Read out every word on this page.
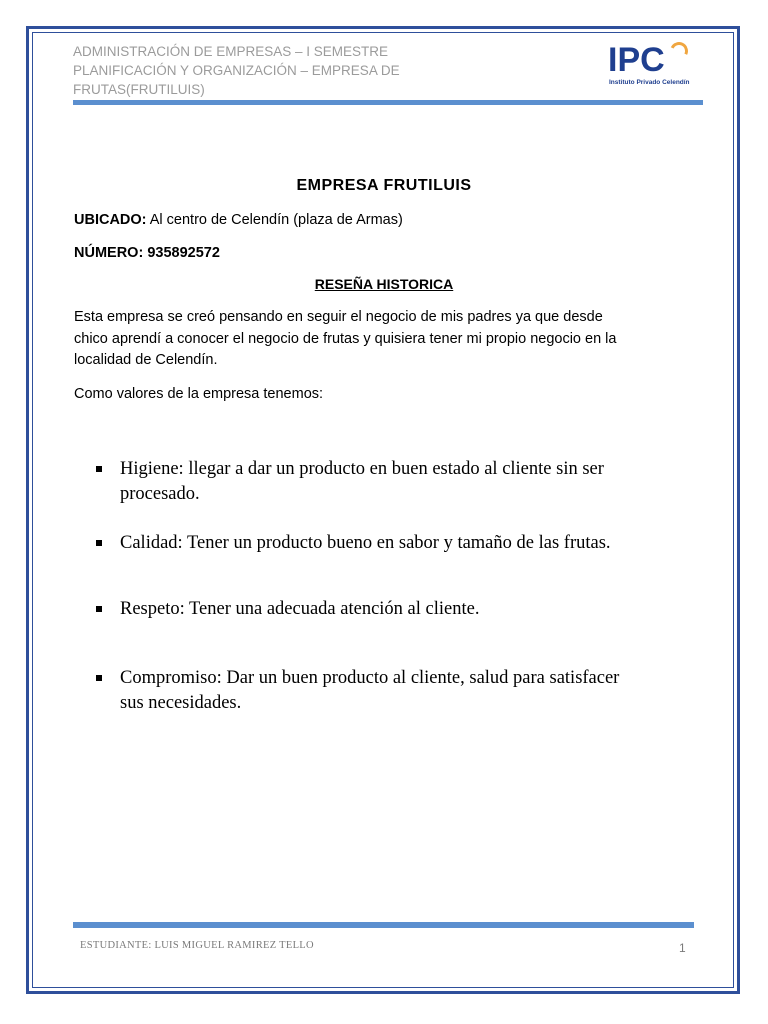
ADMINISTRACIÓN DE EMPRESAS – I SEMESTRE
PLANIFICACIÓN Y ORGANIZACIÓN – EMPRESA DE
FRUTAS(FRUTILUIS)
IPC
Instituto Privado Celendín
EMPRESA FRUTILUIS
UBICADO: Al centro de Celendín (plaza de Armas)
NÚMERO: 935892572
RESEÑA HISTORICA
Esta empresa se creó pensando en seguir el negocio de mis padres ya que desde
chico aprendí a conocer el negocio de frutas y quisiera tener mi propio negocio en la
localidad de Celendín.
Como valores de la empresa tenemos:
Higiene: llegar a dar un producto en buen estado al cliente sin ser
procesado.
Calidad: Tener un producto bueno en sabor y tamaño de las frutas.
Respeto: Tener una adecuada atención al cliente.
Compromiso: Dar un buen producto al cliente, salud para satisfacer
sus necesidades.
ESTUDIANTE: LUIS MIGUEL RAMIREZ TELLO	1
